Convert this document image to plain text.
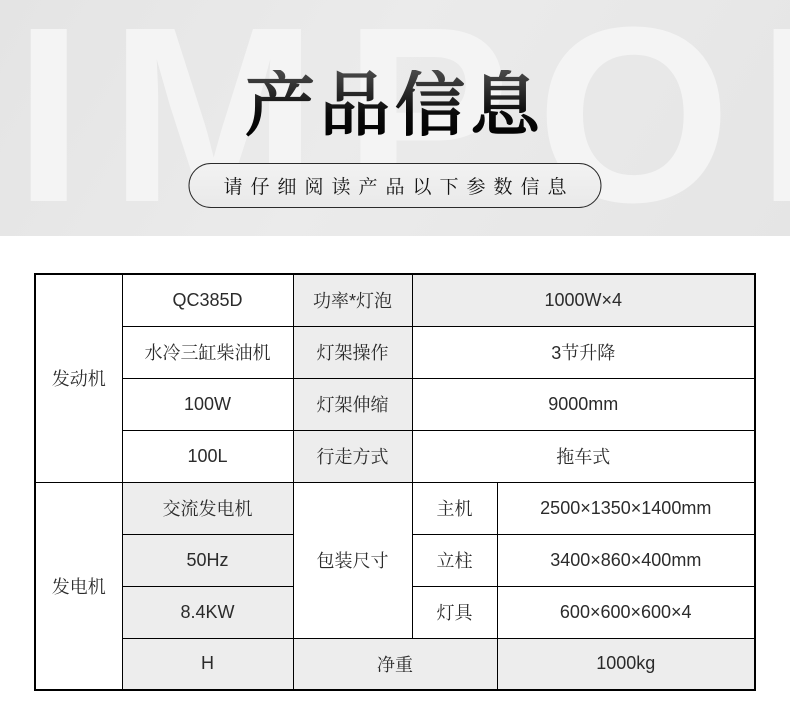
产品信息
请仔细阅读产品以下参数信息
发动机	QC385D	功率*灯泡	1000W×4	
	水冷三缸柴油机	灯架操作	3节升降	
	100W	灯架伸缩	9000mm	
	100L	行走方式	拖车式	
发电机	交流发电机	包装尺寸	主机	2500×1350×1400mm
	50Hz		立柱	3400×860×400mm
	8.4KW		灯具	600×600×600×4
	H	净重		1000kg
